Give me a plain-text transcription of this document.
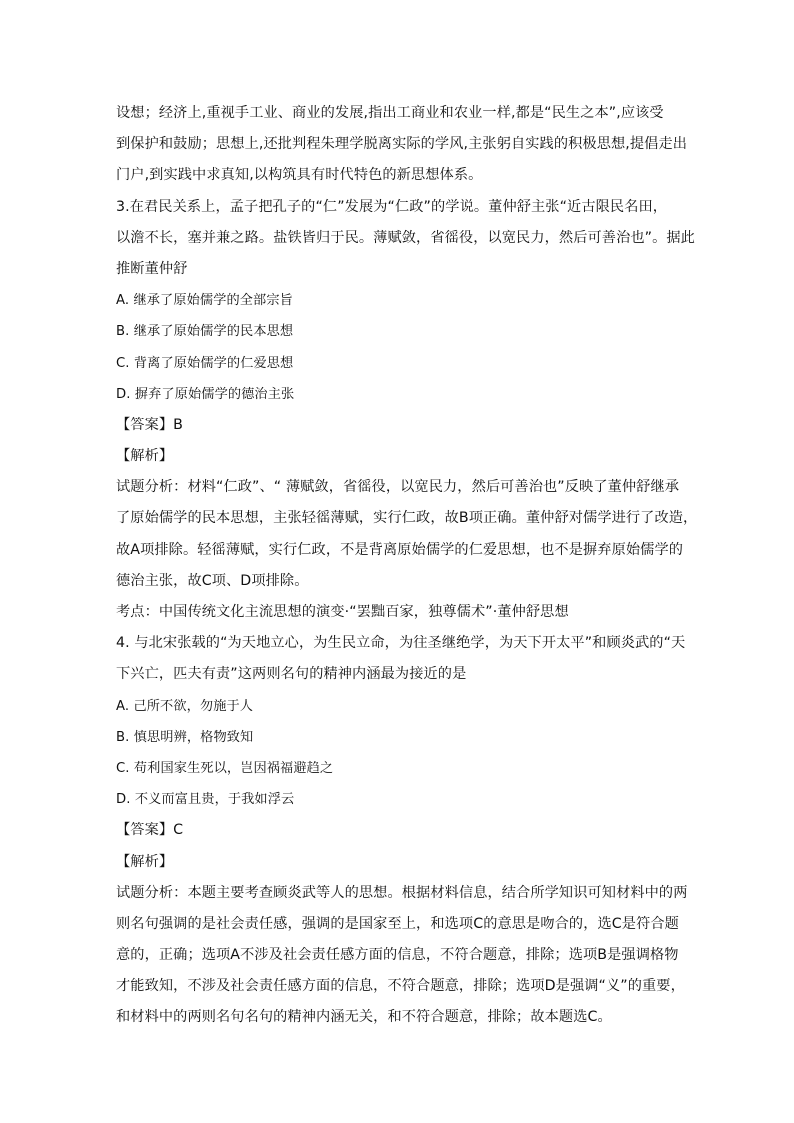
设想；经济上,重视手工业、商业的发展,指出工商业和农业一样,都是“民生之本”,应该受
到保护和鼓励；思想上,还批判程朱理学脱离实际的学风,主张躬自实践的积极思想,提倡走出
门户,到实践中求真知,以构筑具有时代特色的新思想体系。
3.在君民关系上，孟子把孔子的“仁”发展为“仁政”的学说。董仲舒主张“近古限民名田，
以澹不长，塞并兼之路。盐铁皆归于民。薄赋敛，省徭役，以宽民力，然后可善治也”。据此
推断董仲舒
A. 继承了原始儒学的全部宗旨
B. 继承了原始儒学的民本思想
C. 背离了原始儒学的仁爱思想
D. 摒弃了原始儒学的德治主张
【答案】B
【解析】
试题分析：材料“仁政”、“ 薄赋敛，省徭役，以宽民力，然后可善治也”反映了董仲舒继承
了原始儒学的民本思想，主张轻徭薄赋，实行仁政，故B项正确。董仲舒对儒学进行了改造，
故A项排除。轻徭薄赋，实行仁政，不是背离原始儒学的仁爱思想，也不是摒弃原始儒学的
德治主张，故C项、D项排除。
考点：中国传统文化主流思想的演变·“罢黜百家，独尊儒术”·董仲舒思想
4. 与北宋张载的“为天地立心，为生民立命，为往圣继绝学，为天下开太平”和顾炎武的“天
下兴亡，匹夫有责”这两则名句的精神内涵最为接近的是
A. 己所不欲，勿施于人
B. 慎思明辨，格物致知
C. 苟利国家生死以，岂因祸福避趋之
D. 不义而富且贵，于我如浮云
【答案】C
【解析】
试题分析：本题主要考查顾炎武等人的思想。根据材料信息，结合所学知识可知材料中的两
则名句强调的是社会责任感，强调的是国家至上，和选项C的意思是吻合的，选C是符合题
意的，正确；选项A不涉及社会责任感方面的信息，不符合题意，排除；选项B是强调格物
才能致知，不涉及社会责任感方面的信息，不符合题意，排除；选项D是强调“义”的重要，
和材料中的两则名句名句的精神内涵无关，和不符合题意，排除；故本题选C。
